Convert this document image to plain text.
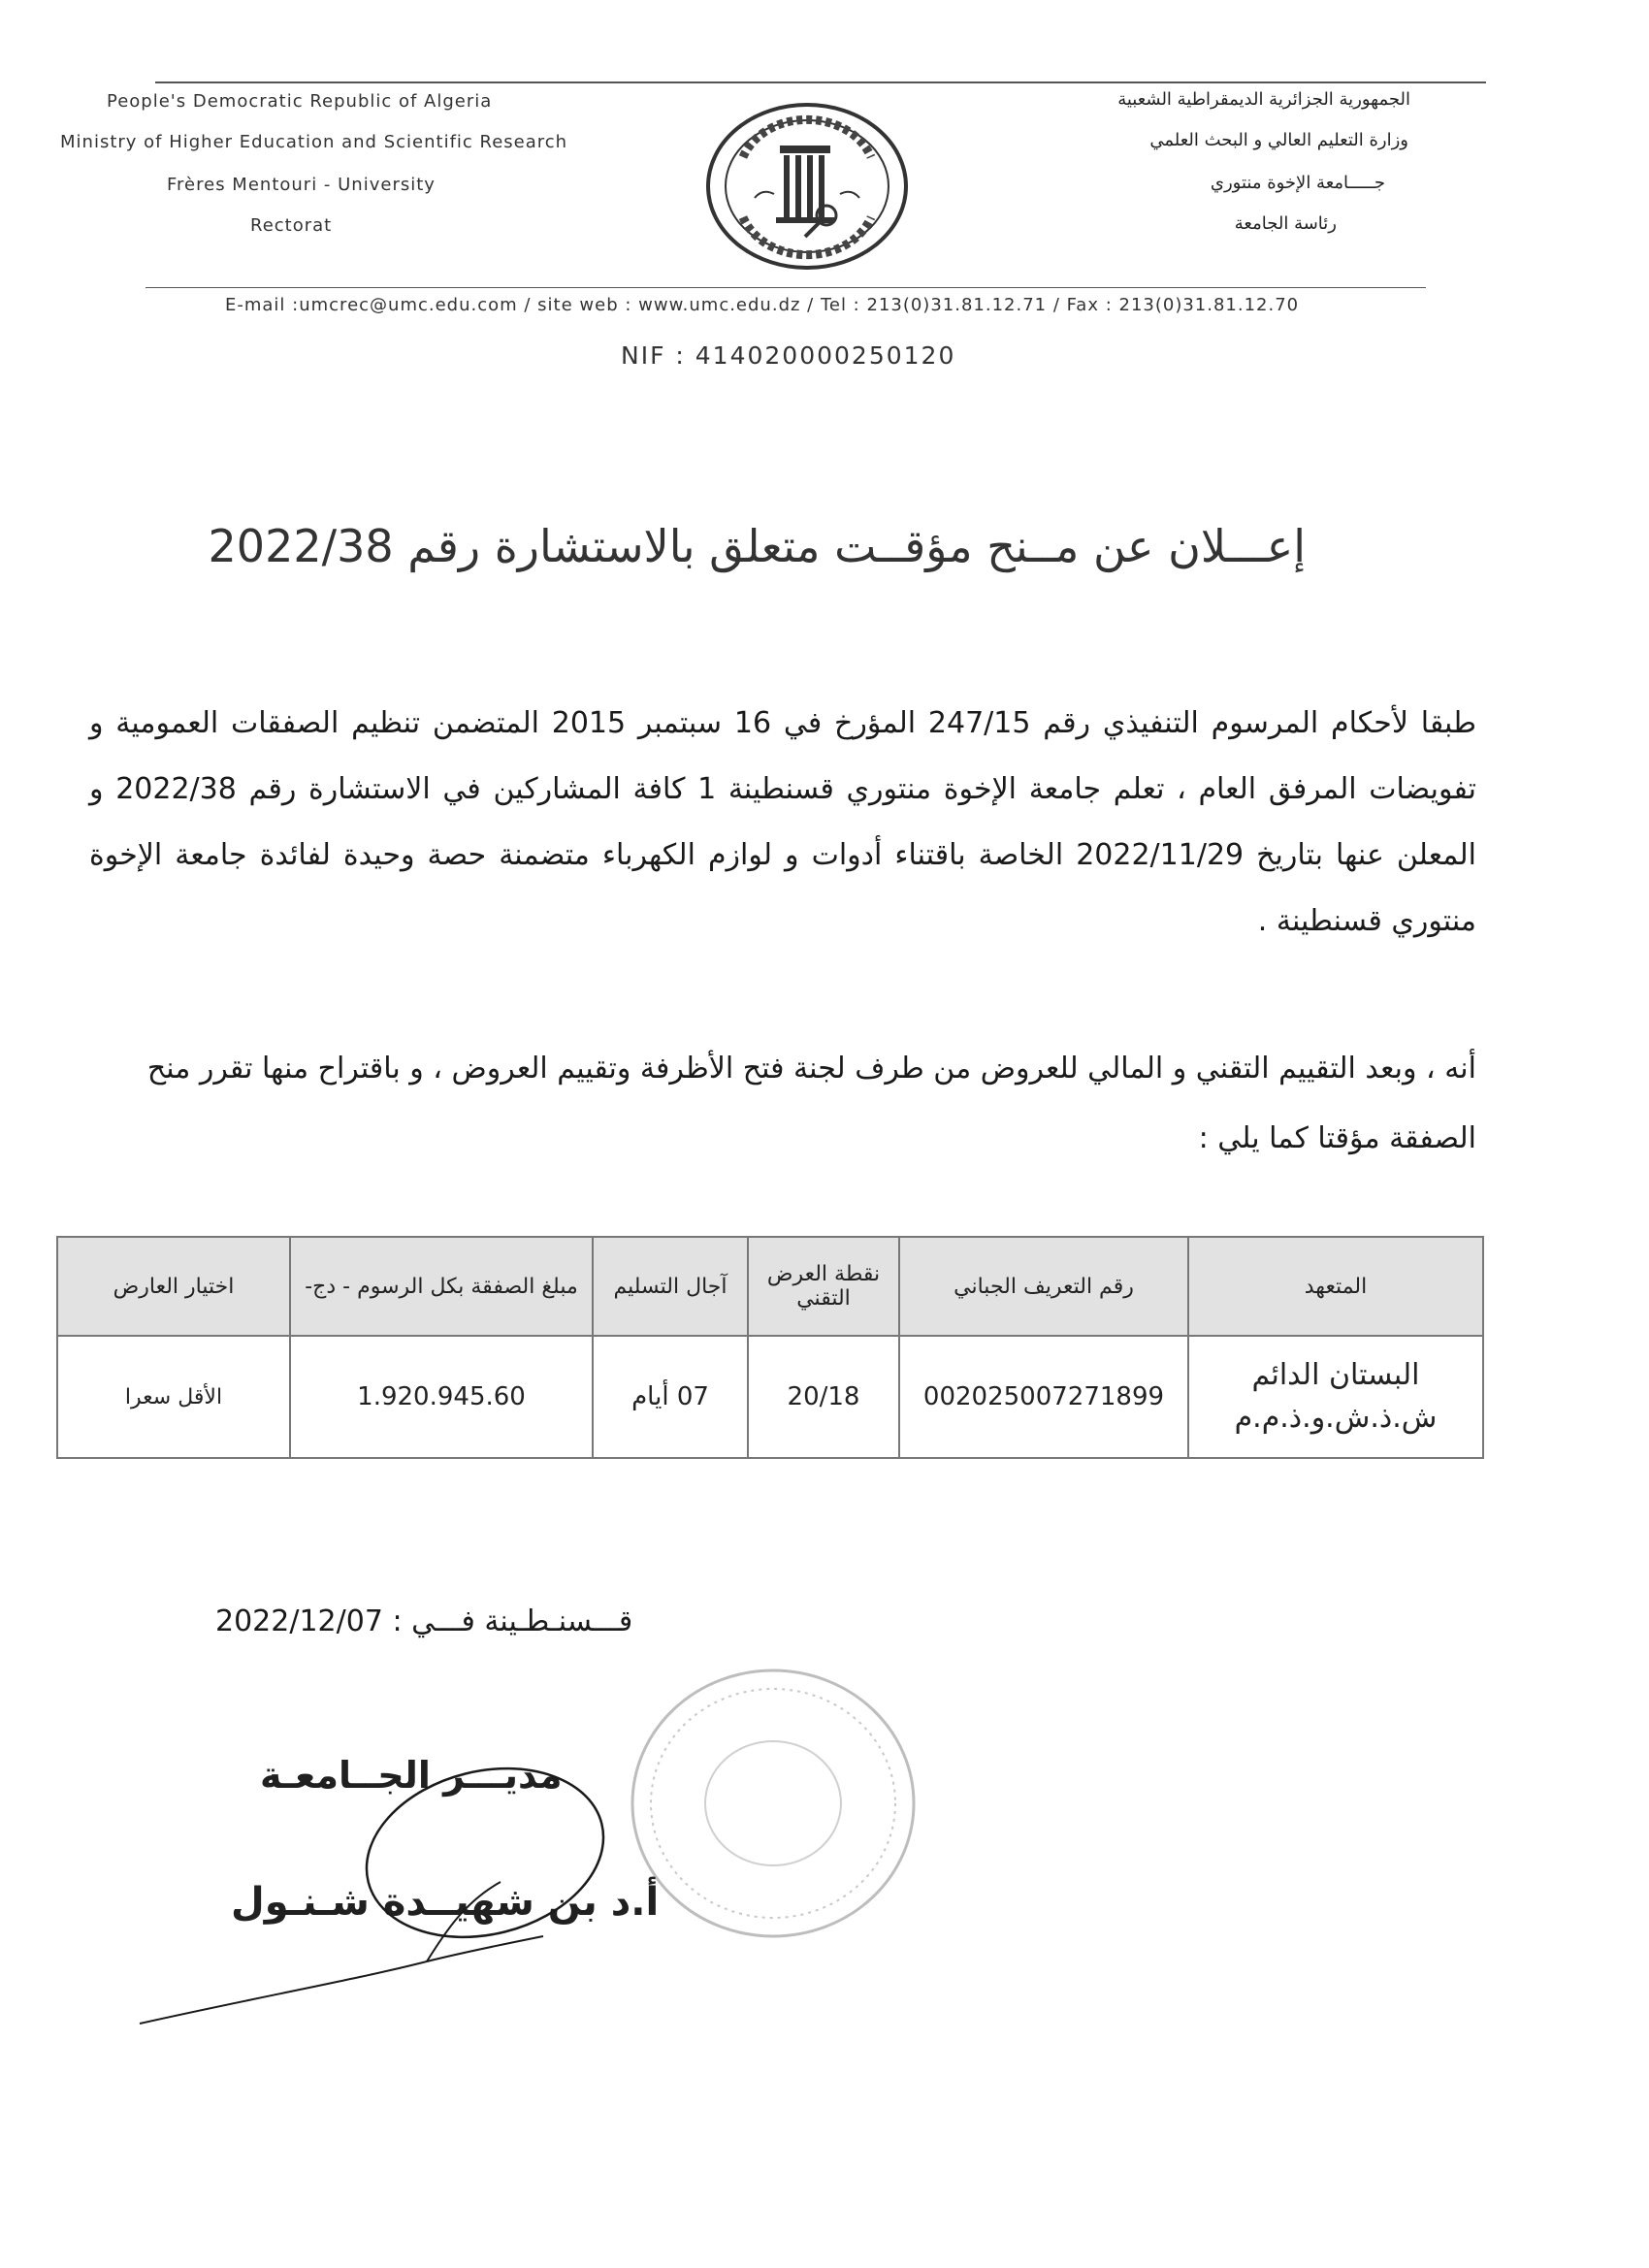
People's Democratic Republic of Algeria
Ministry of Higher Education and Scientific Research
Frères Mentouri - University
Rectorat
الجمهورية الجزائرية الديمقراطية الشعبية
وزارة التعليم العالي و البحث العلمي
جـــــامعة الإخوة منتوري
رئاسة الجامعة
E-mail :umcrec@umc.edu.com / site web : www.umc.edu.dz / Tel : 213(0)31.81.12.71 / Fax : 213(0)31.81.12.70
NIF : 414020000250120
إعـــلان عن مــنح مؤقــت متعلق بالاستشارة رقم 2022/38
طبقا لأحكام المرسوم التنفيذي رقم 247/15 المؤرخ في 16 سبتمبر 2015 المتضمن تنظيم الصفقات العمومية و تفويضات المرفق العام ، تعلم جامعة الإخوة منتوري قسنطينة 1 كافة المشاركين في الاستشارة رقم 2022/38 و المعلن عنها بتاريخ 2022/11/29 الخاصة باقتناء أدوات و لوازم الكهرباء متضمنة حصة وحيدة لفائدة جامعة الإخوة منتوري قسنطينة .
أنه ، وبعد التقييم التقني و المالي للعروض من طرف لجنة فتح الأظرفة وتقييم العروض ، و باقتراح منها تقرر منح الصفقة مؤقتا كما يلي :
المتعهد	رقم التعريف الجباني	نقطة العرض التقني	آجال التسليم	مبلغ الصفقة بكل الرسوم - دج-	اختيار العارض
البستان الدائم ش.ذ.ش.و.ذ.م.م	002025007271899	20/18	07 أيام	1.920.945.60	الأقل سعرا
قـــسنـطـينة فـــي : 2022/12/07
مديـــر الجــامعـة
أ.د بن شهيــدة شـنـول
